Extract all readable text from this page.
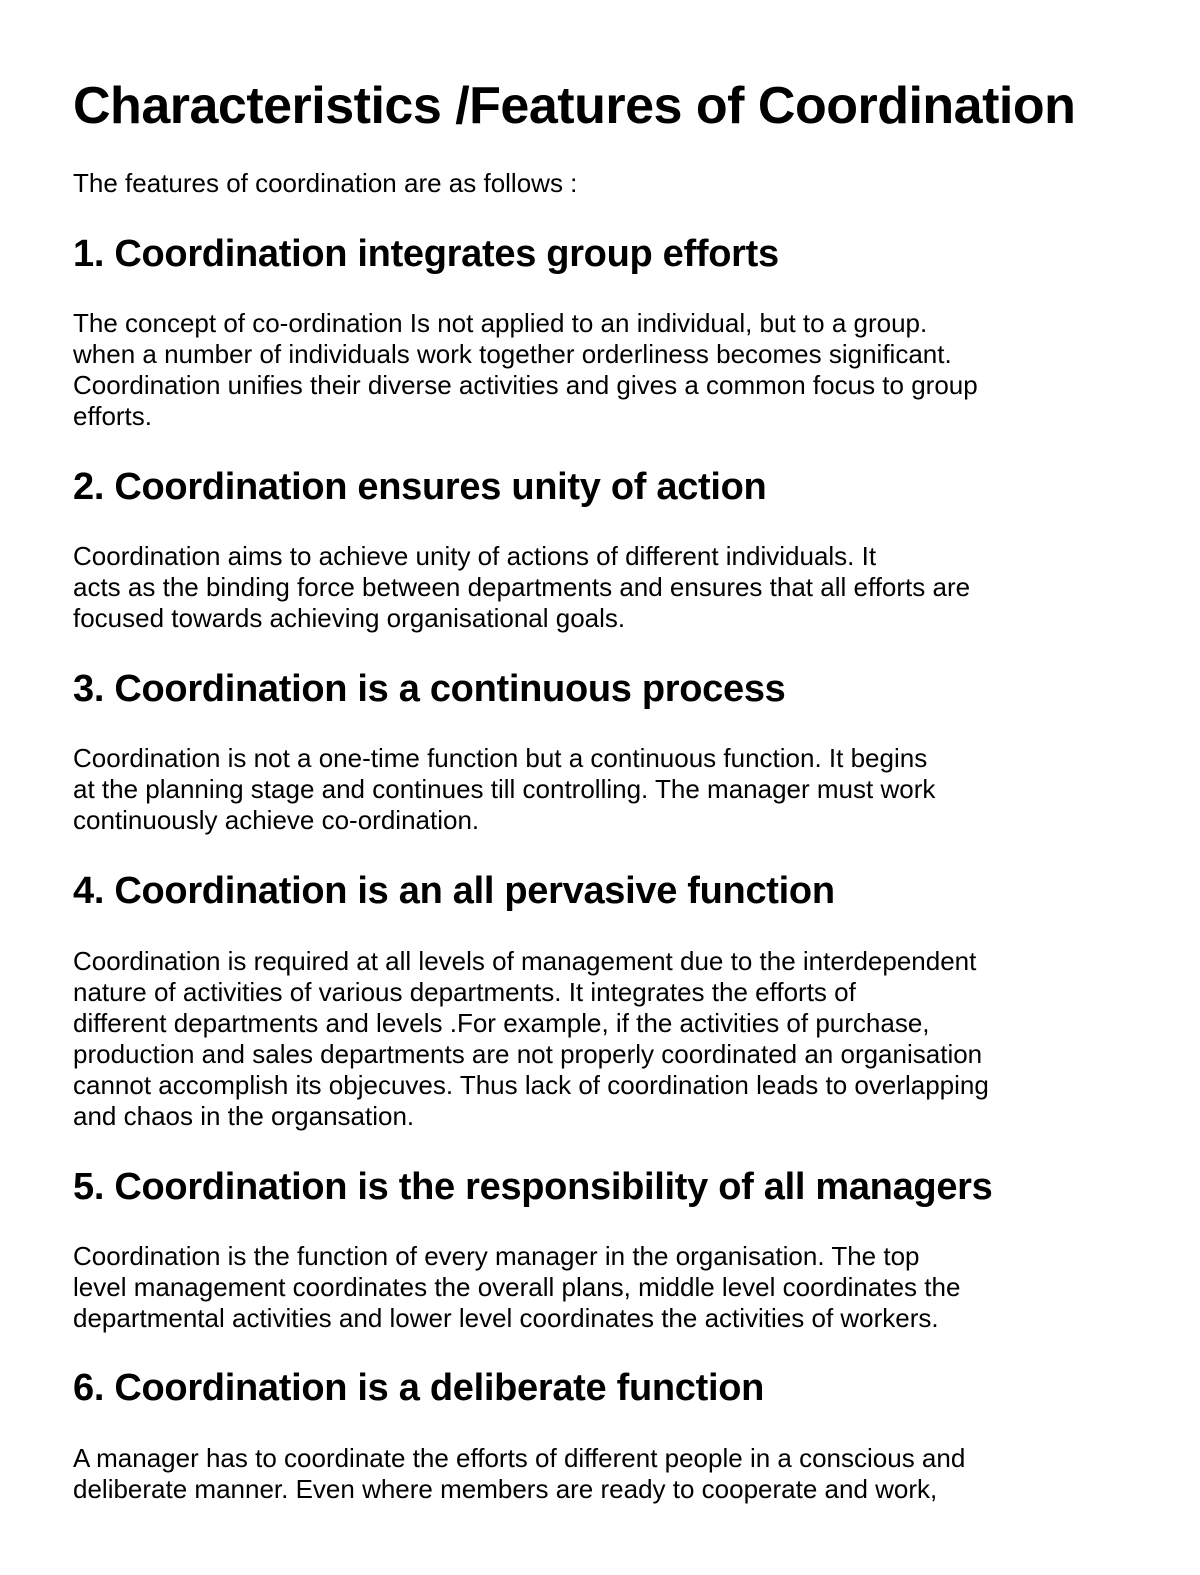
Characteristics /Features of Coordination

The features of coordination are as follows :

1. Coordination integrates group efforts
The concept of co-ordination Is not applied to an individual, but to a group.
when a number of individuals work together orderliness becomes significant.
Coordination unifies their diverse activities and gives a common focus to group
efforts.
2. Coordination ensures unity of action
Coordination aims to achieve unity of actions of different individuals. It
acts as the binding force between departments and ensures that all efforts are
focused towards achieving organisational goals.
3. Coordination is a continuous process
Coordination is not a one-time function but a continuous function. It begins
at the planning stage and continues till controlling. The manager must work
continuously achieve co-ordination.
4. Coordination is an all pervasive function
Coordination is required at all levels of management due to the interdependent
nature of activities of various departments. It integrates the efforts of
different departments and levels .For example, if the activities of purchase,
production and sales departments are not properly coordinated an organisation
cannot accomplish its objecuves. Thus lack of coordination leads to overlapping
and chaos in the organsation.
5. Coordination is the responsibility of all managers
Coordination is the function of every manager in the organisation. The top
level management coordinates the overall plans, middle level coordinates the
departmental activities and lower level coordinates the activities of workers.
6. Coordination is a deliberate function
A manager has to coordinate the efforts of different people in a conscious and
deliberate manner. Even where members are ready to cooperate and work,
